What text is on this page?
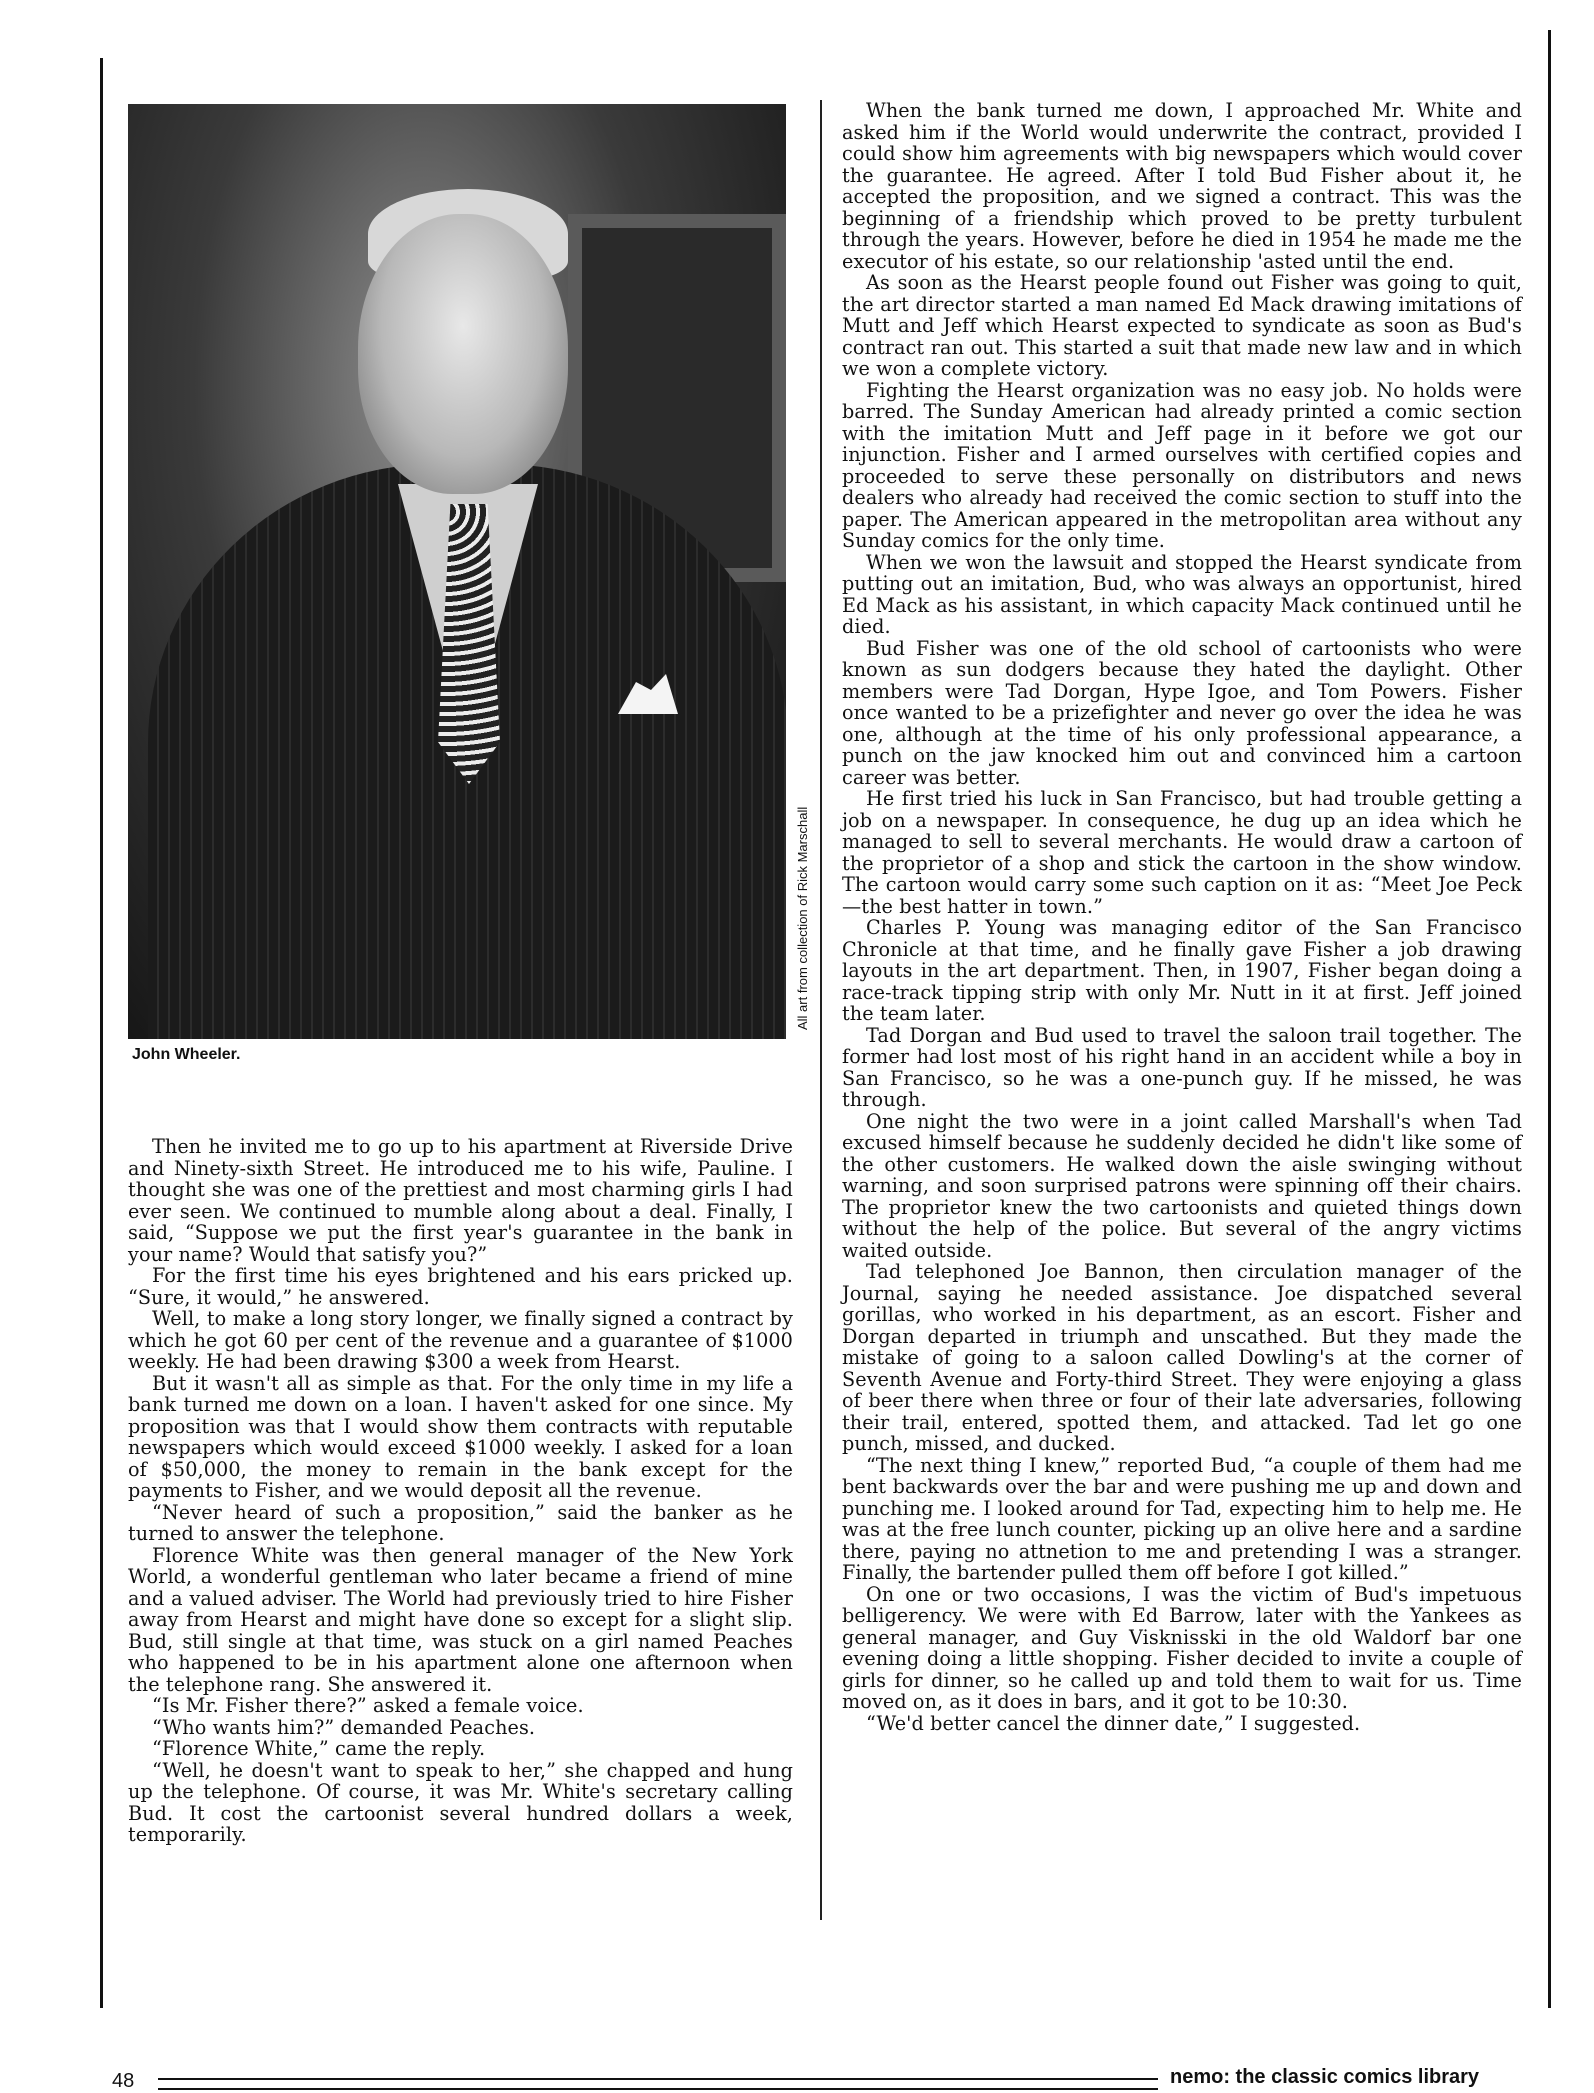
All art from collection of Rick Marschall
John Wheeler.

Then he invited me to go up to his apartment at Riverside Drive and Ninety-sixth Street. He introduced me to his wife, Pauline. I thought she was one of the prettiest and most charming girls I had ever seen. We continued to mumble along about a deal. Finally, I said, “Suppose we put the first year's guarantee in the bank in your name? Would that satisfy you?”

For the first time his eyes brightened and his ears pricked up. “Sure, it would,” he answered.

Well, to make a long story longer, we finally signed a contract by which he got 60 per cent of the revenue and a guarantee of $1000 weekly. He had been drawing $300 a week from Hearst.

But it wasn't all as simple as that. For the only time in my life a bank turned me down on a loan. I haven't asked for one since. My proposition was that I would show them contracts with reputable newspapers which would exceed $1000 weekly. I asked for a loan of $50,000, the money to remain in the bank except for the payments to Fisher, and we would deposit all the revenue.

“Never heard of such a proposition,” said the banker as he turned to answer the telephone.

Florence White was then general manager of the New York World, a wonderful gentleman who later became a friend of mine and a valued adviser. The World had previously tried to hire Fisher away from Hearst and might have done so except for a slight slip. Bud, still single at that time, was stuck on a girl named Peaches who happened to be in his apartment alone one afternoon when the telephone rang. She answered it.

“Is Mr. Fisher there?” asked a female voice.

“Who wants him?” demanded Peaches.

“Florence White,” came the reply.

“Well, he doesn't want to speak to her,” she chapped and hung up the telephone. Of course, it was Mr. White's secretary calling Bud. It cost the cartoonist several hundred dollars a week, temporarily.

When the bank turned me down, I approached Mr. White and asked him if the World would underwrite the contract, provided I could show him agreements with big newspapers which would cover the guarantee. He agreed. After I told Bud Fisher about it, he accepted the proposition, and we signed a contract. This was the beginning of a friendship which proved to be pretty turbulent through the years. However, before he died in 1954 he made me the executor of his estate, so our relationship 'asted until the end.

As soon as the Hearst people found out Fisher was going to quit, the art director started a man named Ed Mack drawing imitations of Mutt and Jeff which Hearst expected to syndicate as soon as Bud's contract ran out. This started a suit that made new law and in which we won a complete victory.

Fighting the Hearst organization was no easy job. No holds were barred. The Sunday American had already printed a comic section with the imitation Mutt and Jeff page in it before we got our injunction. Fisher and I armed ourselves with certified copies and proceeded to serve these personally on distributors and news dealers who already had received the comic section to stuff into the paper. The American appeared in the metropolitan area without any Sunday comics for the only time.

When we won the lawsuit and stopped the Hearst syndicate from putting out an imitation, Bud, who was always an opportunist, hired Ed Mack as his assistant, in which capacity Mack continued until he died.

Bud Fisher was one of the old school of cartoonists who were known as sun dodgers because they hated the daylight. Other members were Tad Dorgan, Hype Igoe, and Tom Powers. Fisher once wanted to be a prizefighter and never go over the idea he was one, although at the time of his only professional appearance, a punch on the jaw knocked him out and convinced him a cartoon career was better.

He first tried his luck in San Francisco, but had trouble getting a job on a newspaper. In consequence, he dug up an idea which he managed to sell to several merchants. He would draw a cartoon of the proprietor of a shop and stick the cartoon in the show window. The cartoon would carry some such caption on it as: “Meet Joe Peck—the best hatter in town.”

Charles P. Young was managing editor of the San Francisco Chronicle at that time, and he finally gave Fisher a job drawing layouts in the art department. Then, in 1907, Fisher began doing a race-track tipping strip with only Mr. Nutt in it at first. Jeff joined the team later.

Tad Dorgan and Bud used to travel the saloon trail together. The former had lost most of his right hand in an accident while a boy in San Francisco, so he was a one-punch guy. If he missed, he was through.

One night the two were in a joint called Marshall's when Tad excused himself because he suddenly decided he didn't like some of the other customers. He walked down the aisle swinging without warning, and soon surprised patrons were spinning off their chairs. The proprietor knew the two cartoonists and quieted things down without the help of the police. But several of the angry victims waited outside.

Tad telephoned Joe Bannon, then circulation manager of the Journal, saying he needed assistance. Joe dispatched several gorillas, who worked in his department, as an escort. Fisher and Dorgan departed in triumph and unscathed. But they made the mistake of going to a saloon called Dowling's at the corner of Seventh Avenue and Forty-third Street. They were enjoying a glass of beer there when three or four of their late adversaries, following their trail, entered, spotted them, and attacked. Tad let go one punch, missed, and ducked.

“The next thing I knew,” reported Bud, “a couple of them had me bent backwards over the bar and were pushing me up and down and punching me. I looked around for Tad, expecting him to help me. He was at the free lunch counter, picking up an olive here and a sardine there, paying no attnetion to me and pretending I was a stranger. Finally, the bartender pulled them off before I got killed.”

On one or two occasions, I was the victim of Bud's impetuous belligerency. We were with Ed Barrow, later with the Yankees as general manager, and Guy Visknisski in the old Waldorf bar one evening doing a little shopping. Fisher decided to invite a couple of girls for dinner, so he called up and told them to wait for us. Time moved on, as it does in bars, and it got to be 10:30.

“We'd better cancel the dinner date,” I suggested.

48	nemo: the classic comics library
